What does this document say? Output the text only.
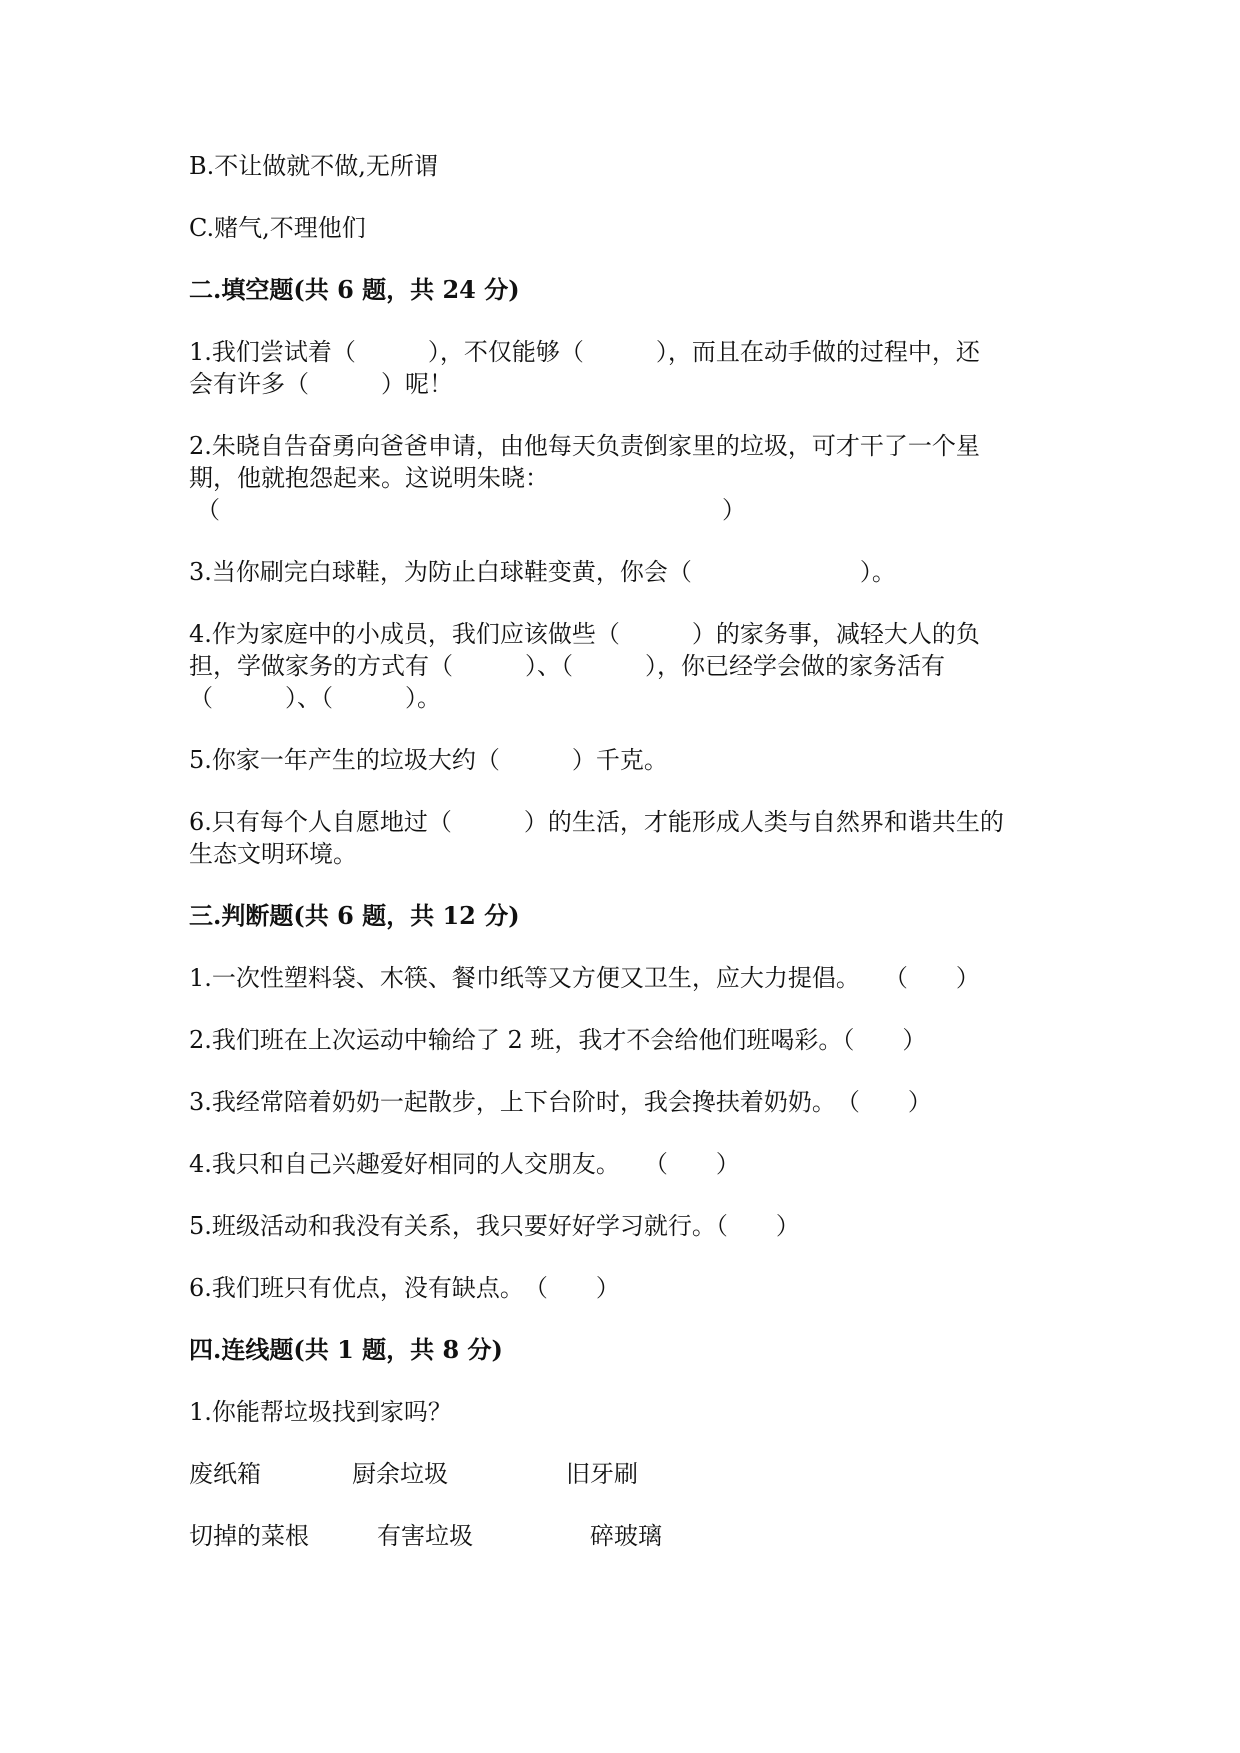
B.不让做就不做,无所谓
C.赌气,不理他们
二.填空题(共 6 题，共 24 分)
1.我们尝试着（　　　），不仅能够（　　　），而且在动手做的过程中，还
会有许多（　　　）呢！
2.朱晓自告奋勇向爸爸申请，由他每天负责倒家里的垃圾，可才干了一个星
期，他就抱怨起来。这说明朱晓：
（	）
3.当你刷完白球鞋，为防止白球鞋变黄，你会（　　　　　　　）。
4.作为家庭中的小成员，我们应该做些（　　　）的家务事，减轻大人的负
担，学做家务的方式有（　　　）、（　　　），你已经学会做的家务活有
（　　　）、（　　　）。
5.你家一年产生的垃圾大约（　　　）千克。
6.只有每个人自愿地过（　　　）的生活，才能形成人类与自然界和谐共生的
生态文明环境。
三.判断题(共 6 题，共 12 分)
1.一次性塑料袋、木筷、餐巾纸等又方便又卫生，应大力提倡。　　（　　）
2.我们班在上次运动中输给了 2 班，我才不会给他们班喝彩。（　　）
3.我经常陪着奶奶一起散步，上下台阶时，我会搀扶着奶奶。　（　　）
4.我只和自己兴趣爱好相同的人交朋友。　　（　　）
5.班级活动和我没有关系，我只要好好学习就行。（　　）
6.我们班只有优点，没有缺点。　（　　）
四.连线题(共 1 题，共 8 分)
1.你能帮垃圾找到家吗？
废纸箱	厨余垃圾	旧牙刷
切掉的菜根	有害垃圾	碎玻璃
